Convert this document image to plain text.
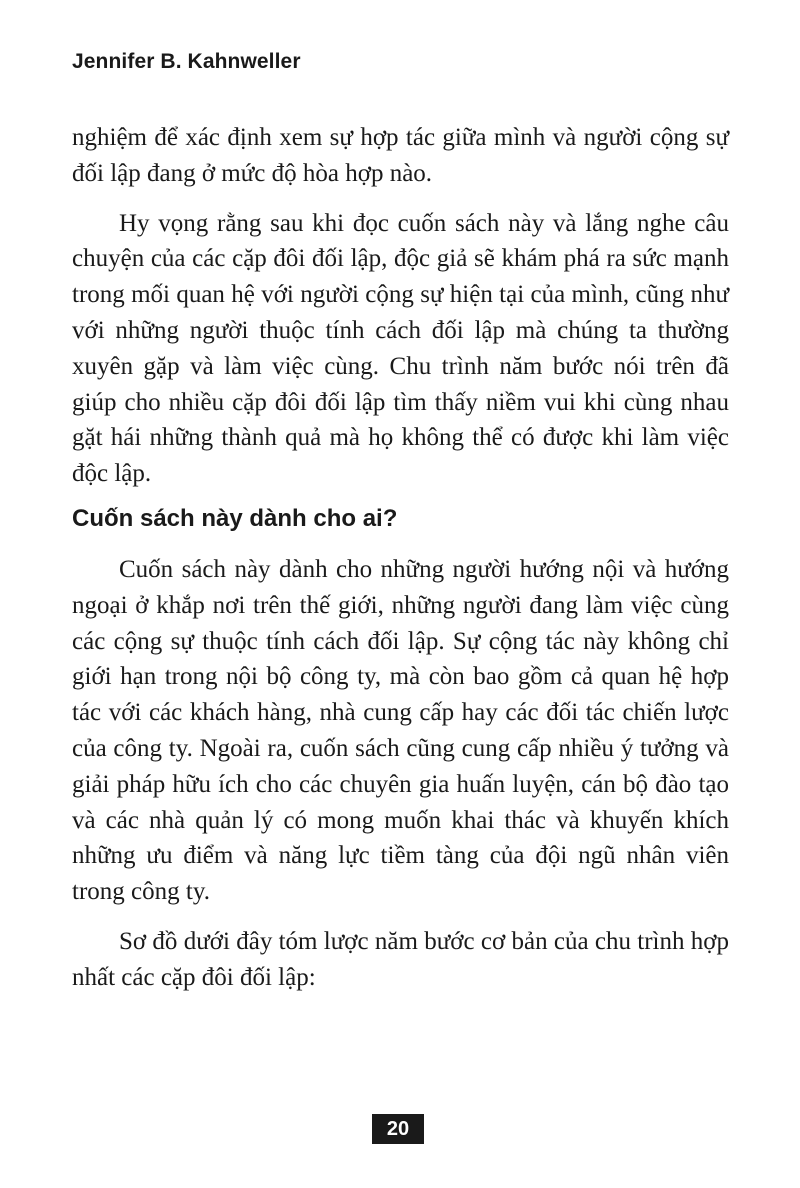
Jennifer B. Kahnweller

nghiệm để xác định xem sự hợp tác giữa mình và người cộng sự đối lập đang ở mức độ hòa hợp nào.

Hy vọng rằng sau khi đọc cuốn sách này và lắng nghe câu chuyện của các cặp đôi đối lập, độc giả sẽ khám phá ra sức mạnh trong mối quan hệ với người cộng sự hiện tại của mình, cũng như với những người thuộc tính cách đối lập mà chúng ta thường xuyên gặp và làm việc cùng. Chu trình năm bước nói trên đã giúp cho nhiều cặp đôi đối lập tìm thấy niềm vui khi cùng nhau gặt hái những thành quả mà họ không thể có được khi làm việc độc lập.

Cuốn sách này dành cho ai?

Cuốn sách này dành cho những người hướng nội và hướng ngoại ở khắp nơi trên thế giới, những người đang làm việc cùng các cộng sự thuộc tính cách đối lập. Sự cộng tác này không chỉ giới hạn trong nội bộ công ty, mà còn bao gồm cả quan hệ hợp tác với các khách hàng, nhà cung cấp hay các đối tác chiến lược của công ty. Ngoài ra, cuốn sách cũng cung cấp nhiều ý tưởng và giải pháp hữu ích cho các chuyên gia huấn luyện, cán bộ đào tạo và các nhà quản lý có mong muốn khai thác và khuyến khích những ưu điểm và năng lực tiềm tàng của đội ngũ nhân viên trong công ty.

Sơ đồ dưới đây tóm lược năm bước cơ bản của chu trình hợp nhất các cặp đôi đối lập:

20
